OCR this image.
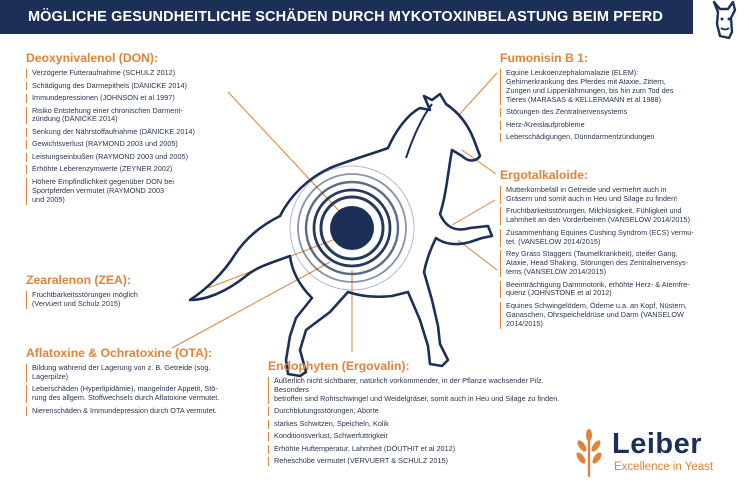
MÖGLICHE GESUNDHEITLICHE SCHÄDEN DURCH MYKOTOXINBELASTUNG BEIM PFERD
Deoxynivalenol (DON):
Verzögerte Futteraufnahme (SCHULZ 2012)
Schädigung des Darmepithels (DÄNICKE 2014)
Immundepressionen (JOHNSON et al 1997)
Risiko Entstehung einer chronischen Darment-
zündung (DÄNICKE 2014)
Senkung der Nährstoffaufnahme (DÄNICKE 2014)
Gewichtsverlust (RAYMOND 2003 und 2005)
Leistungseinbußen (RAYMOND 2003 und 2005)
Erhöhte Leberenzymwerte (ZEYNER 2002)
Höhere Empfindlichkeit gegenüber DON bei
Sportpferden vermutet (RAYMOND 2003
und 2005)
Zearalenon (ZEA):
Fruchtbarkeitsstörungen möglich
(Vervuert und Schulz 2015)
Aflatoxine & Ochratoxine (OTA):
Bildung während der Lagerung von z. B. Getreide (sog.
Lagerpilze)
Leberschäden (Hyperlipidämie), mangelnder Appetit, Stö-
rung des allgem. Stoffwechsels durch Aflatoxine vermutet.
Nierenschäden & Immundepression durch OTA vermutet.
Fumonisin B 1:
Equine Leukoenzephalomalazie (ELEM):
Gehirnerkrankung des Pferdes mit Ataxie, Zittern,
Zungen und Lippenlähmungen, bis hin zum Tod des
Tieres (MARASAS & KELLERMANN et al 1988)
Störungen des Zentralnervensystems
Herz-/Kreislaufprobleme
Leberschädigungen, Dünndarmentzündungen
Ergotalkaloide:
Mutterkornbefall in Getreide und vermehrt auch in
Gräsern und somit auch in Heu und Silage zu finden!
Fruchtbarkeitsstörungen, Milchlosigkeit, Fühligkeit und
Lahmheit an den Vorderbeinen (VANSELOW 2014/2015)
Zusammenhang Equines Cushing Syndrom (ECS) vermu-
tet. (VANSELOW 2014/2015)
Rey Grass Staggers (Taumelkrankheit), steifer Gang,
Ataxie, Head Shaking, Störungen des Zentralnervensys-
tems (VANSELOW 2014/2015)
Beeinträchtigung Darmmotorik, erhöhte Herz- & Atemfre-
quenz (JOHNSTONE et al 2012)
Equines Schwingelödem, Ödeme u.a. an Kopf, Nüstern,
Ganaschen, Ohrspeicheldrüse und Darm (VANSELOW
2014/2015)
Endophyten (Ergovalin):
Äußerlich nicht sichtbarer, natürlich vorkommender, in der Pflanze wachsender Pilz. Besonders
betroffen sind Rohrschwingel und Weidelgräser, somit auch in Heu und Silage zu finden.
Durchblutungsstörungen, Aborte
starkes Schwitzen, Speicheln, Kolik
Konditionsverlust, Schwerfuttrigkeit
Erhöhte Huftemperatur, Lahmheit (DOUTHIT et al 2012)
Reheschübe vermutet (VERVUERT & SCHULZ 2015)
Leiber
Excellence in Yeast
